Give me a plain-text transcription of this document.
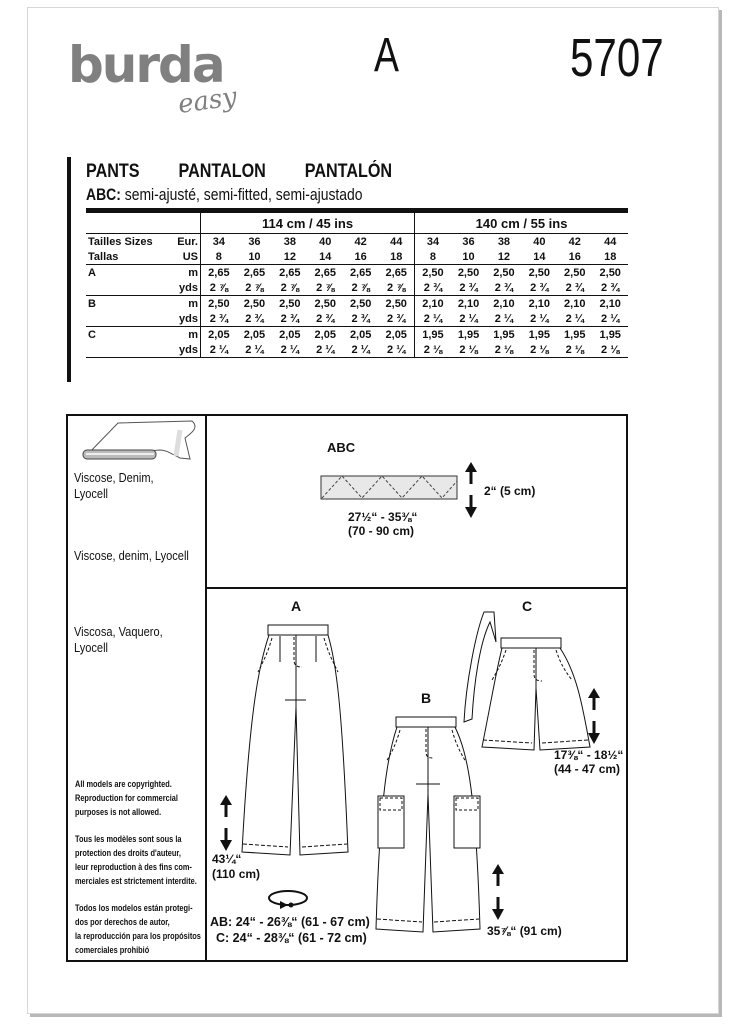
burda
easy
A	5707
PANTS   PANTALON   PANTALÓN
ABC: semi-ajusté, semi-fitted, semi-ajustado
		114 cm / 45 ins						140 cm / 55 ins					
Tailles Sizes	Eur.	34	36	38	40	42	44	34	36	38	40	42	44
Tallas	US	8	10	12	14	16	18	8	10	12	14	16	18
A	m	2,65	2,65	2,65	2,65	2,65	2,65	2,50	2,50	2,50	2,50	2,50	2,50
	yds	2 ⅞	2 ⅞	2 ⅞	2 ⅞	2 ⅞	2 ⅞	2 ¾	2 ¾	2 ¾	2 ¾	2 ¾	2 ¾
B	m	2,50	2,50	2,50	2,50	2,50	2,50	2,10	2,10	2,10	2,10	2,10	2,10
	yds	2 ¾	2 ¾	2 ¾	2 ¾	2 ¾	2 ¾	2 ¼	2 ¼	2 ¼	2 ¼	2 ¼	2 ¼
C	m	2,05	2,05	2,05	2,05	2,05	2,05	1,95	1,95	1,95	1,95	1,95	1,95
	yds	2 ¼	2 ¼	2 ¼	2 ¼	2 ¼	2 ¼	2 ⅛	2 ⅛	2 ⅛	2 ⅛	2 ⅛	2 ⅛
Viscose, Denim,
Lyocell
Viscose, denim, Lyocell
Viscosa, Vaquero,
Lyocell
All models are copyrighted.
Reproduction for commercial
purposes is not allowed.
Tous les modèles sont sous la
protection des droits d'auteur,
leur reproduction à des fins com-
merciales est strictement interdite.
Todos los modelos están protegi-
dos por derechos de autor,
la reproducción para los propósitos
comerciales prohibió
ABC
2“ (5 cm)
27½“ - 35⅜“
(70 - 90 cm)
A
B
C
43¼“
(110 cm)
35⅞“ (91 cm)
17⅜“ - 18½“
(44 - 47 cm)
AB: 24“ - 26⅜“ (61 - 67 cm)
C: 24“ - 28⅜“ (61 - 72 cm)
